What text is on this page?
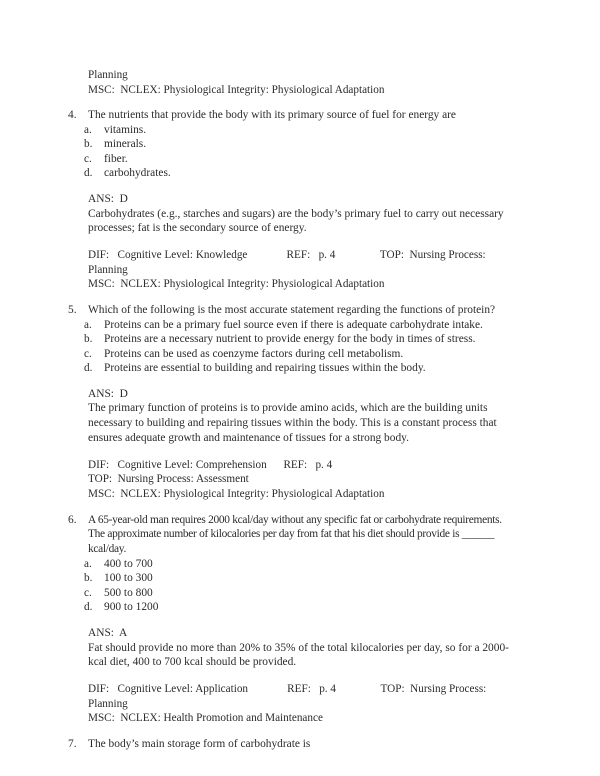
Planning
MSC:  NCLEX: Physiological Integrity: Physiological Adaptation
4.	The nutrients that provide the body with its primary source of fuel for energy are
a.	vitamins.
b.	minerals.
c.	fiber.
d.	carbohydrates.
ANS:  D
Carbohydrates (e.g., starches and sugars) are the body’s primary fuel to carry out necessary processes; fat is the secondary source of energy.
DIF:   Cognitive Level: Knowledge              REF:   p. 4                TOP:  Nursing Process:
Planning
MSC:  NCLEX: Physiological Integrity: Physiological Adaptation
5.	Which of the following is the most accurate statement regarding the functions of protein?
a.	Proteins can be a primary fuel source even if there is adequate carbohydrate intake.
b.	Proteins are a necessary nutrient to provide energy for the body in times of stress.
c.	Proteins can be used as coenzyme factors during cell metabolism.
d.	Proteins are essential to building and repairing tissues within the body.
ANS:  D
The primary function of proteins is to provide amino acids, which are the building units necessary to building and repairing tissues within the body. This is a constant process that ensures adequate growth and maintenance of tissues for a strong body.
DIF:   Cognitive Level: Comprehension      REF:   p. 4
TOP:  Nursing Process: Assessment
MSC:  NCLEX: Physiological Integrity: Physiological Adaptation
6.	A 65-year-old man requires 2000 kcal/day without any specific fat or carbohydrate requirements. The approximate number of kilocalories per day from fat that his diet should provide is ______ kcal/day.
a.	400 to 700
b.	100 to 300
c.	500 to 800
d.	900 to 1200
ANS:  A
Fat should provide no more than 20% to 35% of the total kilocalories per day, so for a 2000-kcal diet, 400 to 700 kcal should be provided.
DIF:   Cognitive Level: Application              REF:   p. 4                TOP:  Nursing Process:
Planning
MSC:  NCLEX: Health Promotion and Maintenance
7.	The body’s main storage form of carbohydrate is
